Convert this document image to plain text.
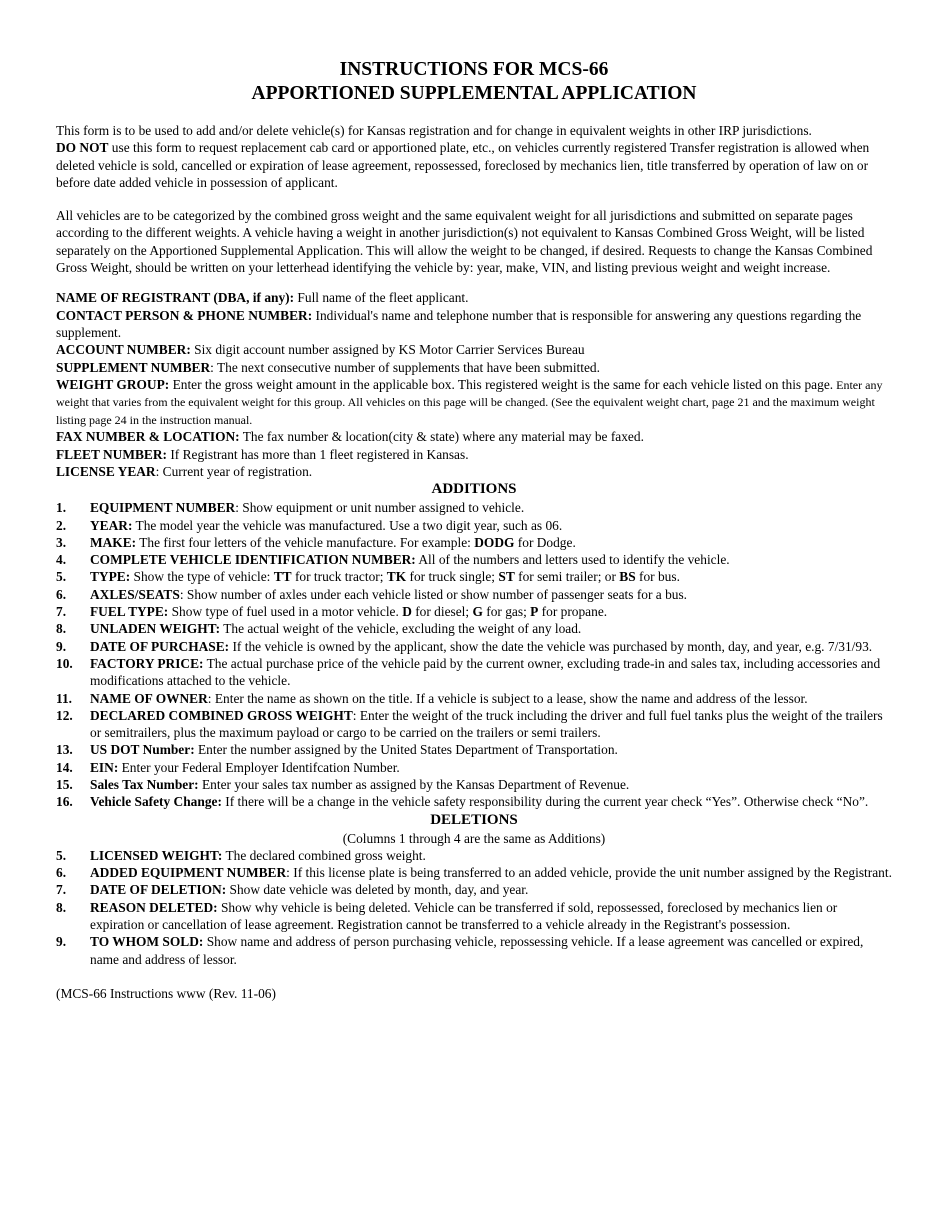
INSTRUCTIONS FOR MCS-66
APPORTIONED SUPPLEMENTAL APPLICATION

This form is to be used to add and/or delete vehicle(s) for Kansas registration and for change in equivalent weights in other IRP jurisdictions.
DO NOT use this form to request replacement cab card or apportioned plate, etc., on vehicles currently registered Transfer registration is allowed when deleted vehicle is sold, cancelled or expiration of lease agreement, repossessed, foreclosed by mechanics lien, title transferred by operation of law on or before date added vehicle in possession of applicant.

All vehicles are to be categorized by the combined gross weight and the same equivalent weight for all jurisdictions and submitted on separate pages according to the different weights. A vehicle having a weight in another jurisdiction(s) not equivalent to Kansas Combined Gross Weight, will be listed separately on the Apportioned Supplemental Application. This will allow the weight to be changed, if desired. Requests to change the Kansas Combined Gross Weight, should be written on your letterhead identifying the vehicle by: year, make, VIN, and listing previous weight and weight increase.

NAME OF REGISTRANT (DBA, if any): Full name of the fleet applicant.

CONTACT PERSON & PHONE NUMBER: Individual's name and telephone number that is responsible for answering any questions regarding the supplement.

ACCOUNT NUMBER: Six digit account number assigned by KS Motor Carrier Services Bureau

SUPPLEMENT NUMBER: The next consecutive number of supplements that have been submitted.

WEIGHT GROUP: Enter the gross weight amount in the applicable box. This registered weight is the same for each vehicle listed on this page. Enter any weight that varies from the equivalent weight for this group. All vehicles on this page will be changed. (See the equivalent weight chart, page 21 and the maximum weight listing page 24 in the instruction manual.

FAX NUMBER & LOCATION: The fax number & location(city & state) where any material may be faxed.

FLEET NUMBER: If Registrant has more than 1 fleet registered in Kansas.

LICENSE YEAR: Current year of registration.

ADDITIONS

1. EQUIPMENT NUMBER: Show equipment or unit number assigned to vehicle.
2. YEAR: The model year the vehicle was manufactured. Use a two digit year, such as 06.
3. MAKE: The first four letters of the vehicle manufacture. For example: DODG for Dodge.
4. COMPLETE VEHICLE IDENTIFICATION NUMBER: All of the numbers and letters used to identify the vehicle.
5. TYPE: Show the type of vehicle: TT for truck tractor; TK for truck single; ST for semi trailer; or BS for bus.
6. AXLES/SEATS: Show number of axles under each vehicle listed or show number of passenger seats for a bus.
7. FUEL TYPE: Show type of fuel used in a motor vehicle. D for diesel; G for gas; P for propane.
8. UNLADEN WEIGHT: The actual weight of the vehicle, excluding the weight of any load.
9. DATE OF PURCHASE: If the vehicle is owned by the applicant, show the date the vehicle was purchased by month, day, and year, e.g. 7/31/93.
10. FACTORY PRICE: The actual purchase price of the vehicle paid by the current owner, excluding trade-in and sales tax, including accessories and modifications attached to the vehicle.
11. NAME OF OWNER: Enter the name as shown on the title. If a vehicle is subject to a lease, show the name and address of the lessor.
12. DECLARED COMBINED GROSS WEIGHT: Enter the weight of the truck including the driver and full fuel tanks plus the weight of the trailers or semitrailers, plus the maximum payload or cargo to be carried on the trailers or semi trailers.
13. US DOT Number: Enter the number assigned by the United States Department of Transportation.
14. EIN: Enter your Federal Employer Identifcation Number.
15. Sales Tax Number: Enter your sales tax number as assigned by the Kansas Department of Revenue.
16. Vehicle Safety Change: If there will be a change in the vehicle safety responsibility during the current year check “Yes”. Otherwise check “No”.

DELETIONS

(Columns 1 through 4 are the same as Additions)

5. LICENSED WEIGHT: The declared combined gross weight.
6. ADDED EQUIPMENT NUMBER: If this license plate is being transferred to an added vehicle, provide the unit number assigned by the Registrant.
7. DATE OF DELETION: Show date vehicle was deleted by month, day, and year.
8. REASON DELETED: Show why vehicle is being deleted. Vehicle can be transferred if sold, repossessed, foreclosed by mechanics lien or expiration or cancellation of lease agreement. Registration cannot be transferred to a vehicle already in the Registrant's possession.
9. TO WHOM SOLD: Show name and address of person purchasing vehicle, repossessing vehicle. If a lease agreement was cancelled or expired, name and address of lessor.

(MCS-66 Instructions www (Rev. 11-06)
